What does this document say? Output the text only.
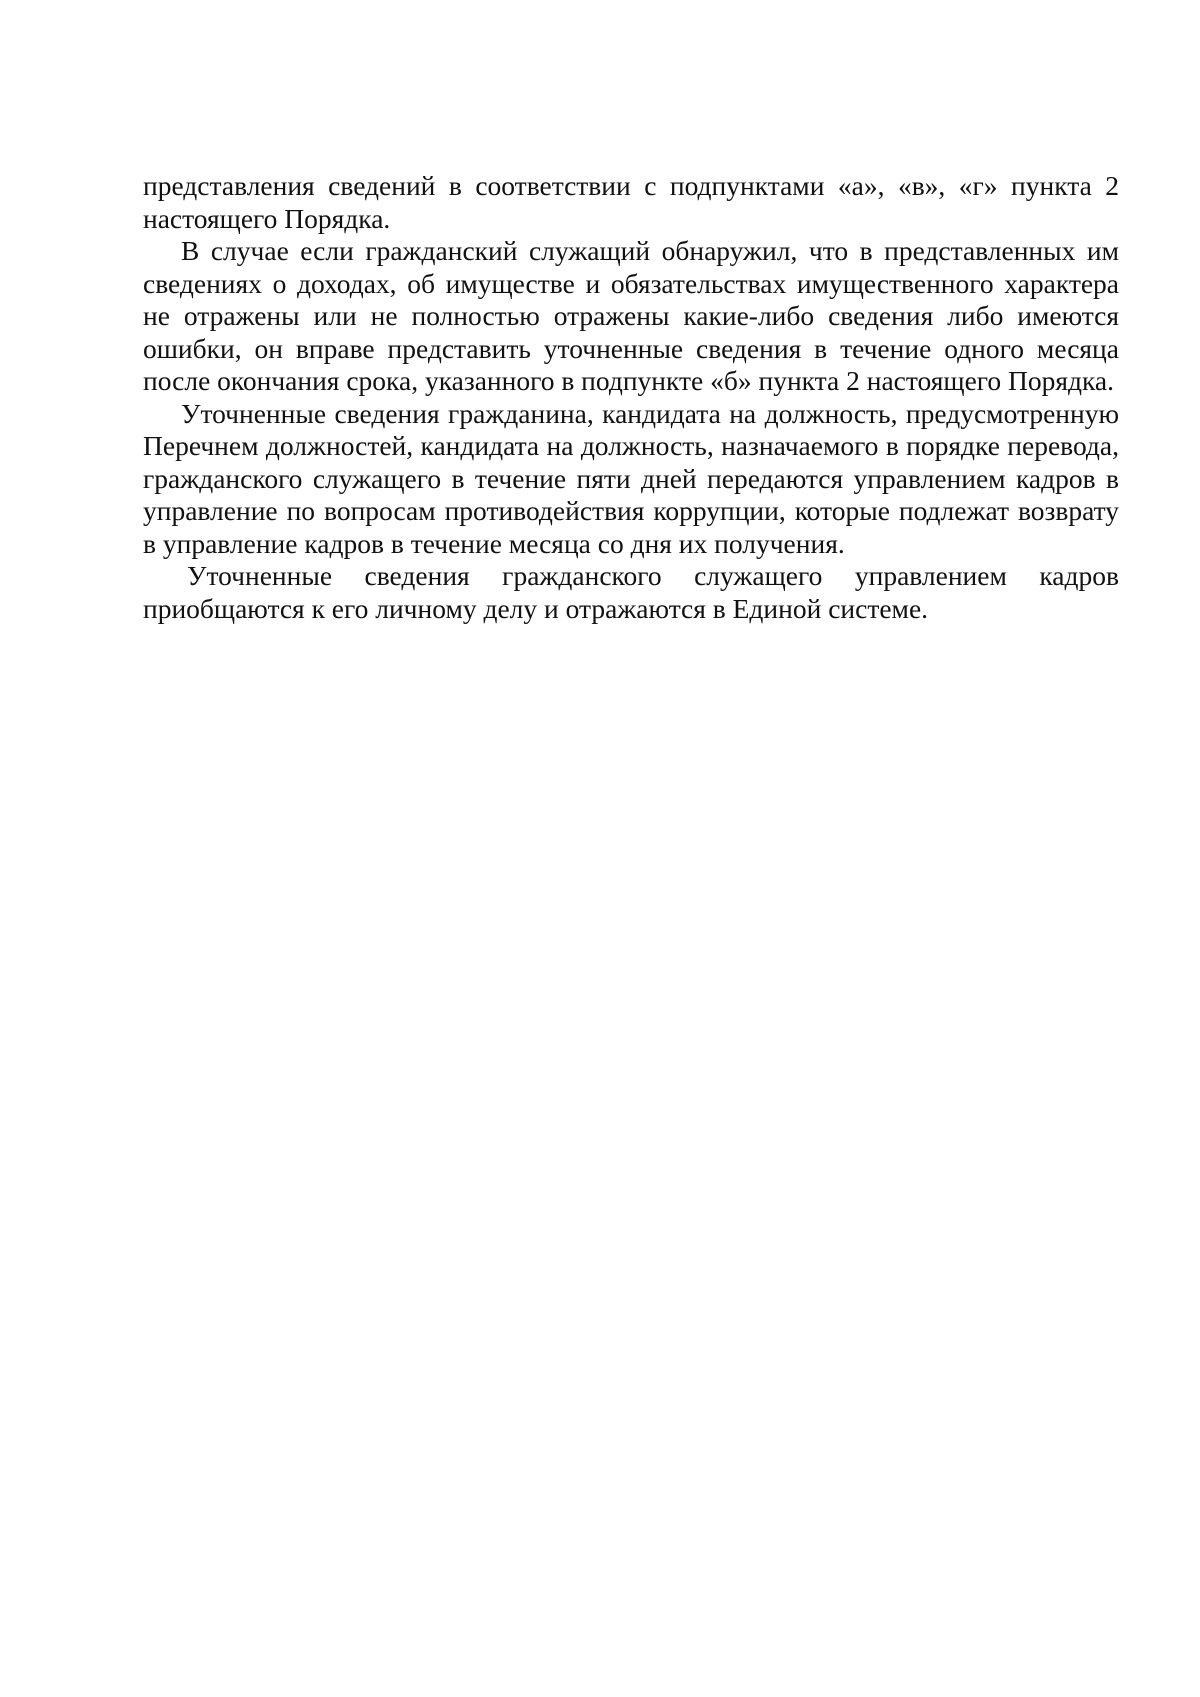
представления сведений в соответствии с подпунктами «а», «в», «г» пункта 2 настоящего Порядка.

В случае если гражданский служащий обнаружил, что в представленных им сведениях о доходах, об имуществе и обязательствах имущественного характера не отражены или не полностью отражены какие-либо сведения либо имеются ошибки, он вправе представить уточненные сведения в течение одного месяца после окончания срока, указанного в подпункте «б» пункта 2 настоящего Порядка.

Уточненные сведения гражданина, кандидата на должность, предусмотренную Перечнем должностей, кандидата на должность, назначаемого в порядке перевода, гражданского служащего в течение пяти дней передаются управлением кадров в управление по вопросам противодействия коррупции, которые подлежат возврату в управление кадров в течение месяца со дня их получения.

Уточненные сведения гражданского служащего управлением кадров приобщаются к его личному делу и отражаются в Единой системе.
